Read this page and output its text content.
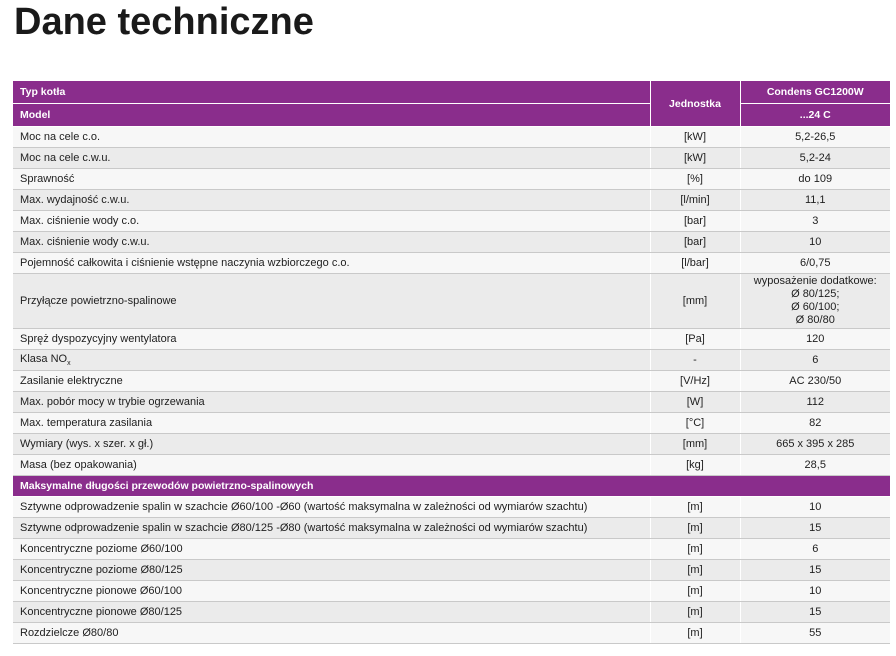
Dane techniczne
Typ kotła	Jednostka	Condens GC1200W
Model		...24 C
Moc na cele c.o.	[kW]	5,2-26,5
Moc na cele c.w.u.	[kW]	5,2-24
Sprawność	[%]	do 109
Max. wydajność c.w.u.	[l/min]	11,1
Max. ciśnienie wody c.o.	[bar]	3
Max. ciśnienie wody c.w.u.	[bar]	10
Pojemność całkowita i ciśnienie wstępne naczynia wzbiorczego c.o.	[l/bar]	6/0,75
Przyłącze powietrzno-spalinowe	[mm]	wyposażenie dodatkowe:
Ø 80/125;
Ø 60/100;
Ø 80/80

Spręż dyspozycyjny wentylatora	[Pa]	120
Klasa $NO_x$	-	6
Zasilanie elektryczne	[V/Hz]	AC 230/50
Max. pobór mocy w trybie ogrzewania	[W]	112
Max. temperatura zasilania	[°C]	82
Wymiary (wys. x szer. x gł.)	[mm]	665 x 395 x 285
Masa (bez opakowania)	[kg]	28,5
Maksymalne długości przewodów powietrzno-spalinowych		
Sztywne odprowadzenie spalin w szachcie Ø60/100 -Ø60 (wartość maksymalna w zależności od wymiarów szachtu)	[m]	10
Sztywne odprowadzenie spalin w szachcie Ø80/125 -Ø80 (wartość maksymalna w zależności od wymiarów szachtu)	[m]	15
Koncentryczne poziome Ø60/100	[m]	6
Koncentryczne poziome Ø80/125	[m]	15
Koncentryczne pionowe Ø60/100	[m]	10
Koncentryczne pionowe Ø80/125	[m]	15
Rozdzielcze Ø80/80	[m]	55
